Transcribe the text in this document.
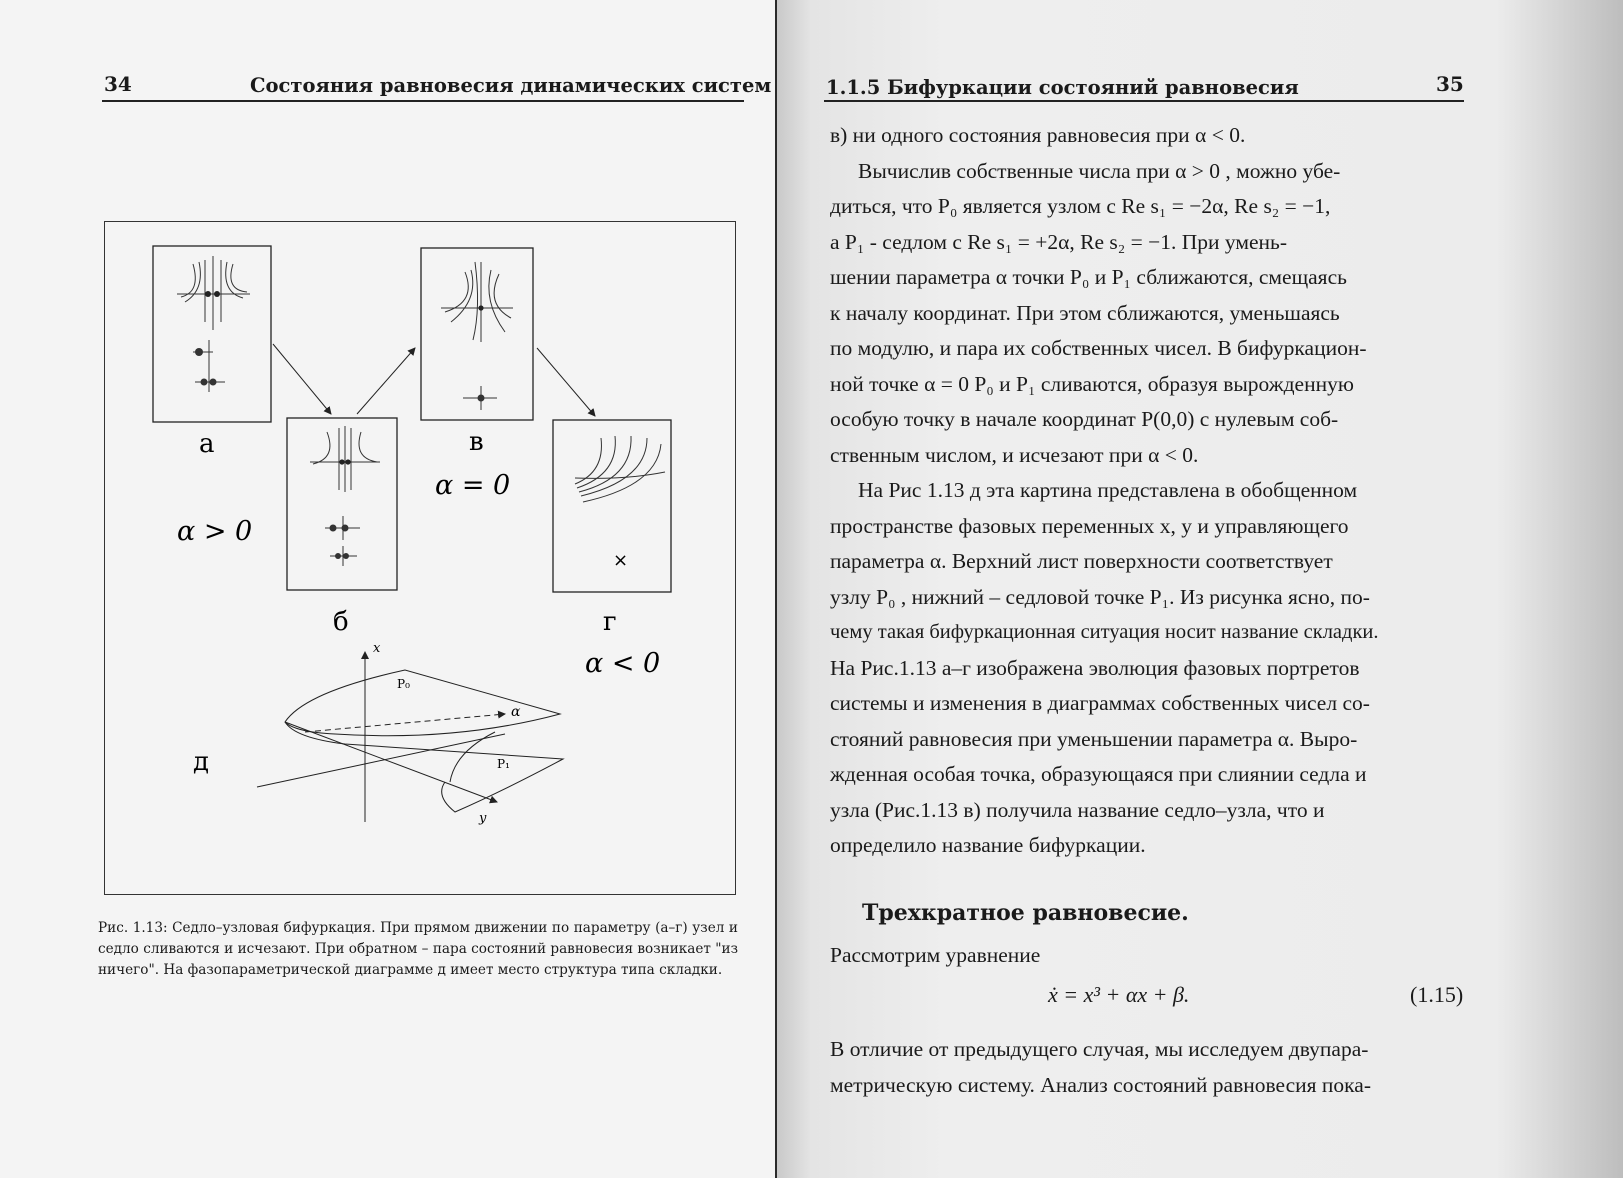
34	Состояния равновесия динамических систем
×
а
б
в
г
д
α > 0
α = 0
α < 0
x
y
α
P₀
P₁
Рис. 1.13: Седло–узловая бифуркация. При прямом движении по параметру (а–г) узел и седло сливаются и исчезают. При обратном – пара состояний равновесия возникает "из ничего". На фазопараметрической диаграмме д имеет место структура типа складки.
1.1.5 Бифуркации состояний равновесия	35
в) ни одного состояния равновесия при α < 0.
Вычислив собственные числа при α > 0 , можно убе-
диться, что P₀ является узлом с Re s₁ = −2α, Re s₂ = −1,
а P₁ - седлом с Re s₁ = +2α, Re s₂ = −1. При умень-
шении параметра α точки P₀ и P₁ сближаются, смещаясь
к началу координат. При этом сближаются, уменьшаясь
по модулю, и пара их собственных чисел. В бифуркацион-
ной точке α = 0 P₀ и P₁ сливаются, образуя вырожденную
особую точку в начале координат P(0,0) с нулевым соб-
ственным числом, и исчезают при α < 0.
На Рис 1.13 д эта картина представлена в обобщенном
пространстве фазовых переменных x, y и управляющего
параметра α. Верхний лист поверхности соответствует
узлу P₀ , нижний – седловой точке P₁. Из рисунка ясно, по-
чему такая бифуркационная ситуация носит название складки.
На Рис.1.13 а–г изображена эволюция фазовых портретов
системы и изменения в диаграммах собственных чисел со-
стояний равновесия при уменьшении параметра α. Выро-
жденная особая точка, образующаяся при слиянии седла и
узла (Рис.1.13 в) получила название седло–узла, что и
определило название бифуркации.
Трехкратное равновесие.
Рассмотрим уравнение
ẋ = x³ + αx + β.	(1.15)
В отличие от предыдущего случая, мы исследуем двупара-
метрическую систему. Анализ состояний равновесия пока-
